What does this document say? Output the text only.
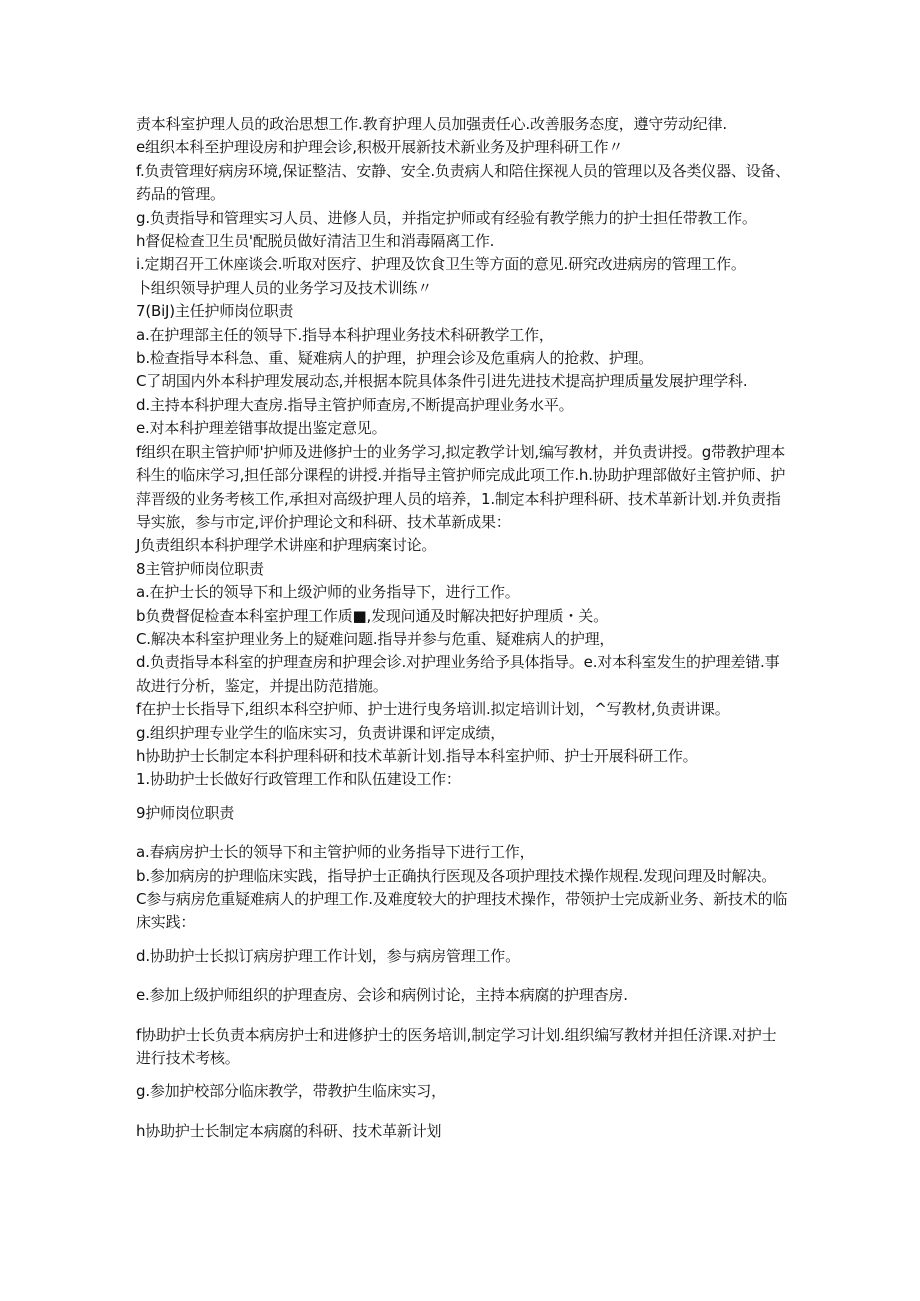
责本科室护理人员的政治思想工作.教育护理人员加强责任心.改善服务态度，遵守劳动纪律.

e组织本科至护理设房和护理会诊,积极开展新技术新业务及护理科研工作〃

f.负责管理好病房环境,保证整洁、安静、安全.负责病人和陪住探视人员的管理以及各类仪器、设备、药品的管理。

g.负责指导和管理实习人员、进修人员，并指定护师或有经验有教学熊力的护士担任带教工作。

h督促检查卫生员'配脱员做好清洁卫生和消毒隔离工作.

i.定期召开工休座谈会.听取对医疗、护理及饮食卫生等方面的意见.研究改进病房的管理工作。

卜组织领导护理人员的业务学习及技术训练〃

7(BiJ)主任护师岗位职责

a.在护理部主任的领导下.指导本科护理业务技术科研教学工作，

b.检查指导本科急、重、疑难病人的护理，护理会诊及危重病人的抢救、护理。

C了胡国内外本科护理发展动态,并根据本院具体条件引进先进技术提高护理质量发展护理学科.

d.主持本科护理大查房.指导主管护师查房,不断提高护理业务水平。

e.对本科护理差错事故提出鉴定意见。

f组织在职主管护师'护师及进修护士的业务学习,拟定教学计划,编写教材，并负责讲授。g带教护理本科生的临床学习,担任部分课程的讲授.并指导主管护师完成此项工作.h.协助护理部做好主管护师、护萍晋级的业务考核工作,承担对高级护理人员的培养，1.制定本科护理科研、技术革新计划.并负责指导实旅，参与市定,评价护理论文和科研、技术革新成果：

J负责组织本科护理学术讲座和护理病案讨论。

8主管护师岗位职责

a.在护士长的领导下和上级沪师的业务指导下，进行工作。

b负费督促检查本科室护理工作质■,发现问通及时解决把好护理质・关。

C.解决本科室护理业务上的疑难问题.指导并参与危重、疑难病人的护理，

d.负责指导本科室的护理查房和护理会诊.对护理业务给予具体指导。e.对本科室发生的护理差错.事故进行分析，鉴定，并提出防范措施。

f在护士长指导下,组织本科空护师、护士进行曳务培训.拟定培训计划，^写教材,负责讲课。

g.组织护理专业学生的临床实习，负责讲课和评定成绩，

h协助护士长制定本科护理科研和技术革新计划.指导本科室护师、护士开展科研工作。

1.协助护士长做好行政管理工作和队伍建设工作：

9护师岗位职责

a.春病房护士长的领导下和主管护师的业务指导下进行工作，

b.参加病房的护理临床实践，指导护士正确执行医现及各项护理技术操作规程.发现问理及时解决。

C参与病房危重疑难病人的护理工作.及难度较大的护理技术操作，带领护士完成新业务、新技术的临床实践：

d.协助护士长拟订病房护理工作计划，参与病房管理工作。

e.参加上级护师组织的护理查房、会诊和病例讨论，主持本病腐的护理杳房.

f协助护士长负责本病房护士和进修护士的医务培训,制定学习计划.组织编写教材并担任济课.对护士进行技术考核。

g.参加护校部分临床教学，带教护生临床实习，

h协助护士长制定本病腐的科研、技术革新计划
